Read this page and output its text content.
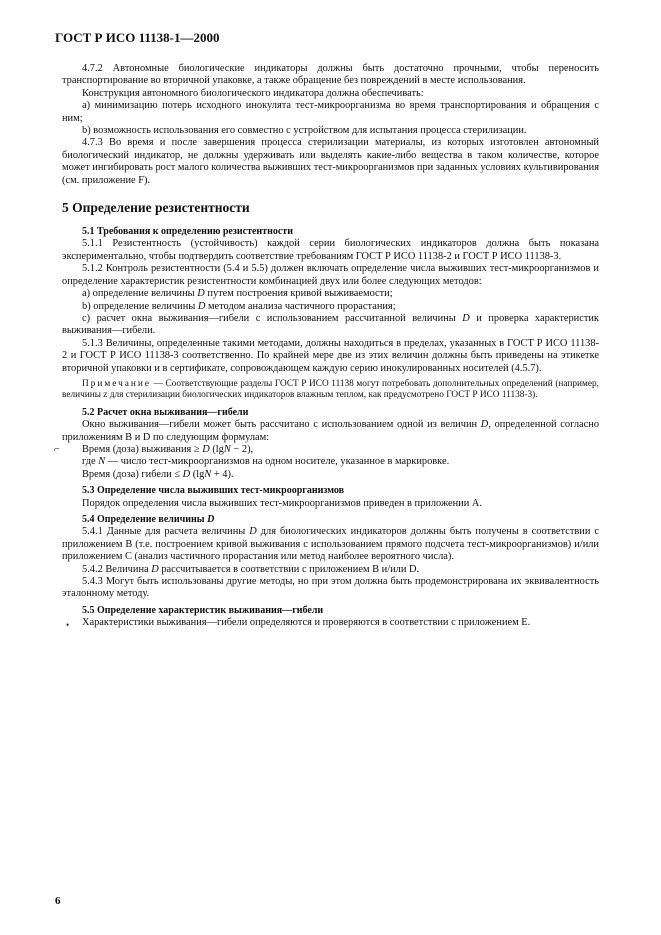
ГОСТ Р ИСО 11138-1—2000

4.7.2 Автономные биологические индикаторы должны быть достаточно прочными, чтобы переносить транспортирование во вторичной упаковке, а также обращение без повреждений в месте использования.

Конструкция автономного биологического индикатора должна обеспечивать:

а) минимизацию потерь исходного инокулята тест-микроорганизма во время транспортирования и обращения с ним;

b) возможность использования его совместно с устройством для испытания процесса стерилизации.

4.7.3 Во время и после завершения процесса стерилизации материалы, из которых изготовлен автономный биологический индикатор, не должны удерживать или выделять какие-либо вещества в таком количестве, которое может ингибировать рост малого количества выживших тест-микроорганизмов при заданных условиях культивирования (см. приложение F).

5 Определение резистентности

5.1 Требования к определению резистентности

5.1.1 Резистентность (устойчивость) каждой серии биологических индикаторов должна быть показана экспериментально, чтобы подтвердить соответствие требованиям ГОСТ Р ИСО 11138-2 и ГОСТ Р ИСО 11138-3.

5.1.2 Контроль резистентности (5.4 и 5.5) должен включать определение числа выживших тест-микроорганизмов и определение характеристик резистентности комбинацией двух или более следующих методов:

а) определение величины D путем построения кривой выживаемости;

b) определение величины D методом анализа частичного прорастания;

с) расчет окна выживания—гибели с использованием рассчитанной величины D и проверка характеристик выживания—гибели.

5.1.3 Величины, определенные такими методами, должны находиться в пределах, указанных в ГОСТ Р ИСО 11138-2 и ГОСТ Р ИСО 11138-3 соответственно. По крайней мере две из этих величин должны быть приведены на этикетке вторичной упаковки и в сертификате, сопровождающем каждую серию инокулированных носителей (4.5.7).

Примечание — Соответствующие разделы ГОСТ Р ИСО 11138 могут потребовать дополнительных определений (например, величины z для стерилизации биологических индикаторов влажным теплом, как предусмотрено ГОСТ Р ИСО 11138-3).

5.2 Расчет окна выживания—гибели

Окно выживания—гибели может быть рассчитано с использованием одной из величин D, определенной согласно приложениям В и D по следующим формулам:

⌐ Время (доза) выживания ≥ D (lgN − 2),

где N — число тест-микроорганизмов на одном носителе, указанное в маркировке.

Время (доза) гибели ≤ D (lgN + 4).

5.3 Определение числа выживших тест-микроорганизмов

Порядок определения числа выживших тест-микроорганизмов приведен в приложении А.

5.4 Определение величины D

5.4.1 Данные для расчета величины D для биологических индикаторов должны быть получены в соответствии с приложением В (т.е. построением кривой выживания с использованием прямого подсчета тест-микроорганизмов) и/или приложением С (анализ частичного прорастания или метод наиболее вероятного числа).

5.4.2 Величина D рассчитывается в соответствии с приложением В и/или D.

5.4.3 Могут быть использованы другие методы, но при этом должна быть продемонстрирована их эквивалентность эталонному методу.

5.5 Определение характеристик выживания—гибели

• Характеристики выживания—гибели определяются и проверяются в соответствии с приложением Е.

6
